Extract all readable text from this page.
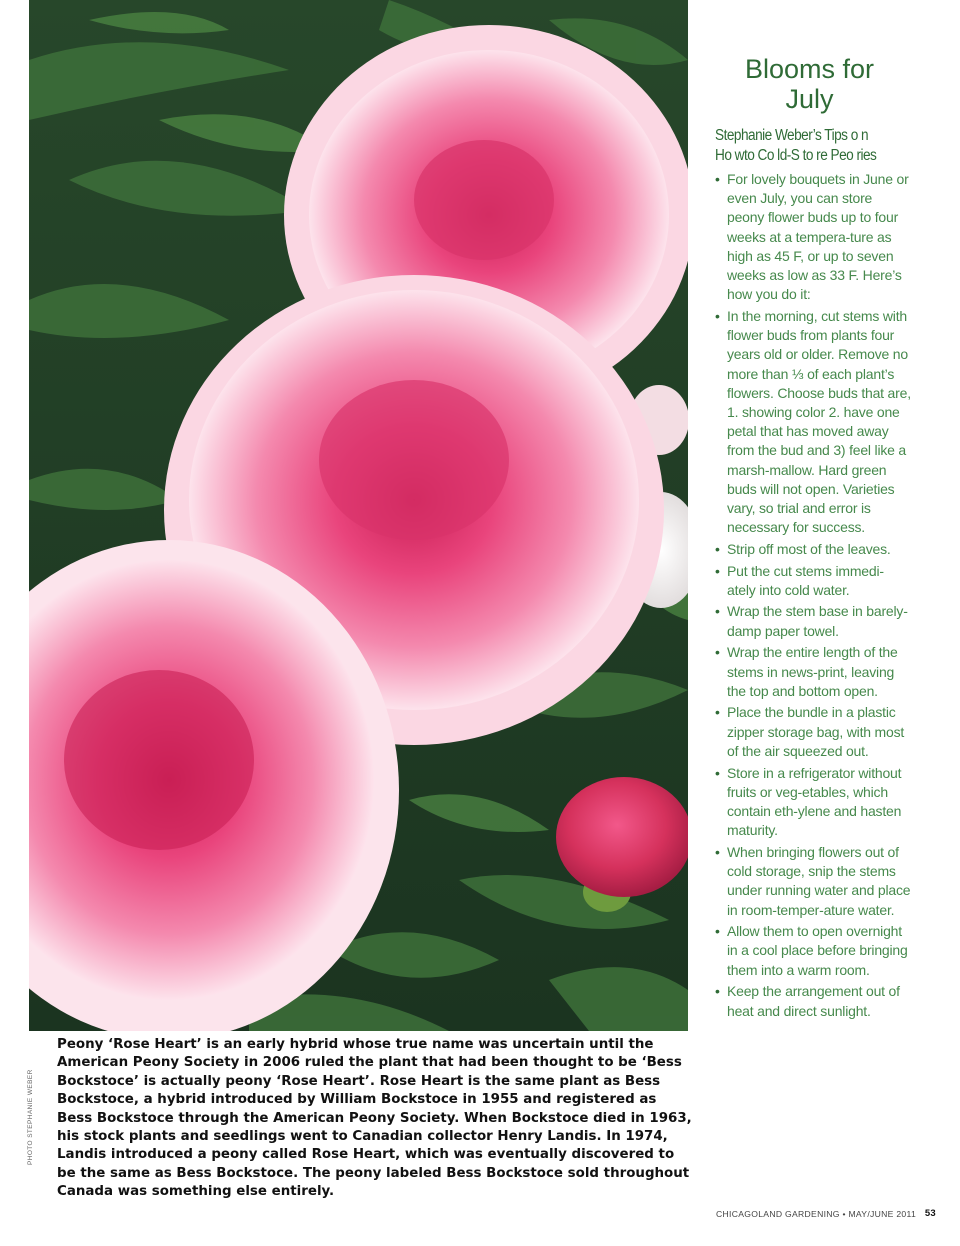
PHOTO STEPHANIE WEBER

Peony ‘Rose Heart’ is an early hybrid whose true name was uncertain until the American Peony Society in 2006 ruled the plant that had been thought to be ‘Bess Bockstoce’ is actually peony ‘Rose Heart’. Rose Heart is the same plant as Bess Bockstoce, a hybrid introduced by William Bockstoce in 1955 and registered as Bess Bockstoce through the American Peony Society. When Bockstoce died in 1963, his stock plants and seedlings went to Canadian collector Henry Landis. In 1974, Landis introduced a peony called Rose Heart, which was eventually discovered to be the same as Bess Bockstoce. The peony labeled Bess Bockstoce sold throughout Canada was something else entirely.

Blooms for
July
Stephanie Weber’s Tips o n
Ho wto Co ld-S to re Peo ries
• For lovely bouquets in June or even July, you can store peony flower buds up to four weeks at a tempera-ture as high as 45 F, or up to seven weeks as low as 33 F. Here’s how you do it:
• In the morning, cut stems with flower buds from plants four years old or older. Remove no more than ⅓ of each plant’s flowers. Choose buds that are, 1. showing color 2. have one petal that has moved away from the bud and 3) feel like a marsh-mallow. Hard green buds will not open. Varieties vary, so trial and error is necessary for success.
• Strip off most of the leaves.
• Put the cut stems immedi-ately into cold water.
• Wrap the stem base in barely-damp paper towel.
• Wrap the entire length of the stems in news-print, leaving the top and bottom open.
• Place the bundle in a plastic zipper storage bag, with most of the air squeezed out.
• Store in a refrigerator without fruits or veg-etables, which contain eth-ylene and hasten maturity.
• When bringing flowers out of cold storage, snip the stems under running water and place in room-temper-ature water.
• Allow them to open overnight in a cool place before bringing them into a warm room.
• Keep the arrangement out of heat and direct sunlight.
CHICAGOLAND GARDENING • MAY/JUNE 2011 53
